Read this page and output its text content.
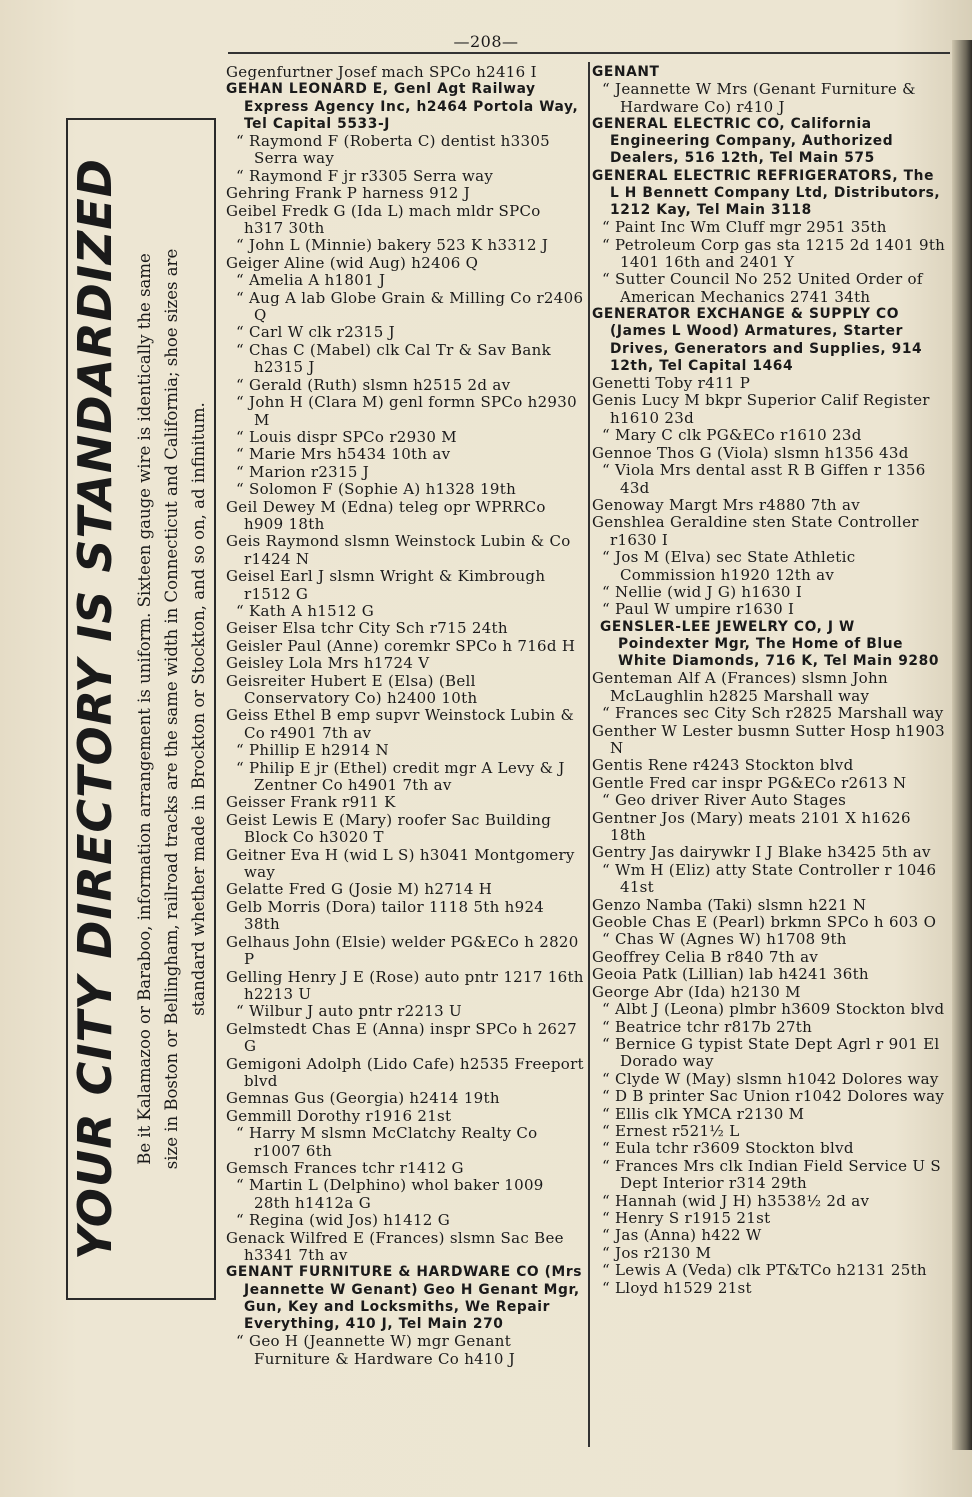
—208—
YOUR CITY DIRECTORY IS STANDARDIZED Be it Kalamazoo or Baraboo, information arrangement is uniform. Sixteen gauge wire is identically the same size in Boston or Bellingham, railroad tracks are the same width in Connecticut and California; shoe sizes are standard whether made in Brockton or Stockton, and so on, ad infinitum.

Gegenfurtner Josef mach SPCo h2416 I

GEHAN LEONARD E, Genl Agt Railway Express Agency Inc, h2464 Portola Way, Tel Capital 5533-J

“ Raymond F (Roberta C) dentist h3305 Serra way

“ Raymond F jr r3305 Serra way

Gehring Frank P harness 912 J

Geibel Fredk G (Ida L) mach mldr SPCo h317 30th

“ John L (Minnie) bakery 523 K h3312 J

Geiger Aline (wid Aug) h2406 Q

“ Amelia A h1801 J

“ Aug A lab Globe Grain & Milling Co r2406 Q

“ Carl W clk r2315 J

“ Chas C (Mabel) clk Cal Tr & Sav Bank h2315 J

“ Gerald (Ruth) slsmn h2515 2d av

“ John H (Clara M) genl formn SPCo h2930 M

“ Louis dispr SPCo r2930 M

“ Marie Mrs h5434 10th av

“ Marion r2315 J

“ Solomon F (Sophie A) h1328 19th

Geil Dewey M (Edna) teleg opr WPRRCo h909 18th

Geis Raymond slsmn Weinstock Lubin & Co r1424 N

Geisel Earl J slsmn Wright & Kimbrough r1512 G

“ Kath A h1512 G

Geiser Elsa tchr City Sch r715 24th

Geisler Paul (Anne) coremkr SPCo h 716d H

Geisley Lola Mrs h1724 V

Geisreiter Hubert E (Elsa) (Bell Conservatory Co) h2400 10th

Geiss Ethel B emp supvr Weinstock Lubin & Co r4901 7th av

“ Phillip E h2914 N

“ Philip E jr (Ethel) credit mgr A Levy & J Zentner Co h4901 7th av

Geisser Frank r911 K

Geist Lewis E (Mary) roofer Sac Building Block Co h3020 T

Geitner Eva H (wid L S) h3041 Montgomery way

Gelatte Fred G (Josie M) h2714 H

Gelb Morris (Dora) tailor 1118 5th h924 38th

Gelhaus John (Elsie) welder PG&ECo h 2820 P

Gelling Henry J E (Rose) auto pntr 1217 16th h2213 U

“ Wilbur J auto pntr r2213 U

Gelmstedt Chas E (Anna) inspr SPCo h 2627 G

Gemigoni Adolph (Lido Cafe) h2535 Freeport blvd

Gemnas Gus (Georgia) h2414 19th

Gemmill Dorothy r1916 21st

“ Harry M slsmn McClatchy Realty Co r1007 6th

Gemsch Frances tchr r1412 G

“ Martin L (Delphino) whol baker 1009 28th h1412a G

“ Regina (wid Jos) h1412 G

Genack Wilfred E (Frances) slsmn Sac Bee h3341 7th av

GENANT FURNITURE & HARDWARE CO (Mrs Jeannette W Genant) Geo H Genant Mgr, Gun, Key and Locksmiths, We Repair Everything, 410 J, Tel Main 270

“ Geo H (Jeannette W) mgr Genant Furniture & Hardware Co h410 J

GENANT

“ Jeannette W Mrs (Genant Furniture & Hardware Co) r410 J

GENERAL ELECTRIC CO, California Engineering Company, Authorized Dealers, 516 12th, Tel Main 575

GENERAL ELECTRIC REFRIGERATORS, The L H Bennett Company Ltd, Distributors, 1212 Kay, Tel Main 3118

“ Paint Inc Wm Cluff mgr 2951 35th

“ Petroleum Corp gas sta 1215 2d 1401 9th 1401 16th and 2401 Y

“ Sutter Council No 252 United Order of American Mechanics 2741 34th

GENERATOR EXCHANGE & SUPPLY CO (James L Wood) Armatures, Starter Drives, Generators and Supplies, 914 12th, Tel Capital 1464

Genetti Toby r411 P

Genis Lucy M bkpr Superior Calif Register h1610 23d

“ Mary C clk PG&ECo r1610 23d

Gennoe Thos G (Viola) slsmn h1356 43d

“ Viola Mrs dental asst R B Giffen r 1356 43d

Genoway Margt Mrs r4880 7th av

Genshlea Geraldine sten State Controller r1630 I

“ Jos M (Elva) sec State Athletic Commission h1920 12th av

“ Nellie (wid J G) h1630 I

“ Paul W umpire r1630 I

GENSLER-LEE JEWELRY CO, J W Poindexter Mgr, The Home of Blue White Diamonds, 716 K, Tel Main 9280

Genteman Alf A (Frances) slsmn John McLaughlin h2825 Marshall way

“ Frances sec City Sch r2825 Marshall way

Genther W Lester busmn Sutter Hosp h1903 N

Gentis Rene r4243 Stockton blvd

Gentle Fred car inspr PG&ECo r2613 N

“ Geo driver River Auto Stages

Gentner Jos (Mary) meats 2101 X h1626 18th

Gentry Jas dairywkr I J Blake h3425 5th av

“ Wm H (Eliz) atty State Controller r 1046 41st

Genzo Namba (Taki) slsmn h221 N

Geoble Chas E (Pearl) brkmn SPCo h 603 O

“ Chas W (Agnes W) h1708 9th

Geoffrey Celia B r840 7th av

Geoia Patk (Lillian) lab h4241 36th

George Abr (Ida) h2130 M

“ Albt J (Leona) plmbr h3609 Stockton blvd

“ Beatrice tchr r817b 27th

“ Bernice G typist State Dept Agrl r 901 El Dorado way

“ Clyde W (May) slsmn h1042 Dolores way

“ D B printer Sac Union r1042 Dolores way

“ Ellis clk YMCA r2130 M

“ Ernest r521½ L

“ Eula tchr r3609 Stockton blvd

“ Frances Mrs clk Indian Field Service U S Dept Interior r314 29th

“ Hannah (wid J H) h3538½ 2d av

“ Henry S r1915 21st

“ Jas (Anna) h422 W

“ Jos r2130 M

“ Lewis A (Veda) clk PT&TCo h2131 25th

“ Lloyd h1529 21st
